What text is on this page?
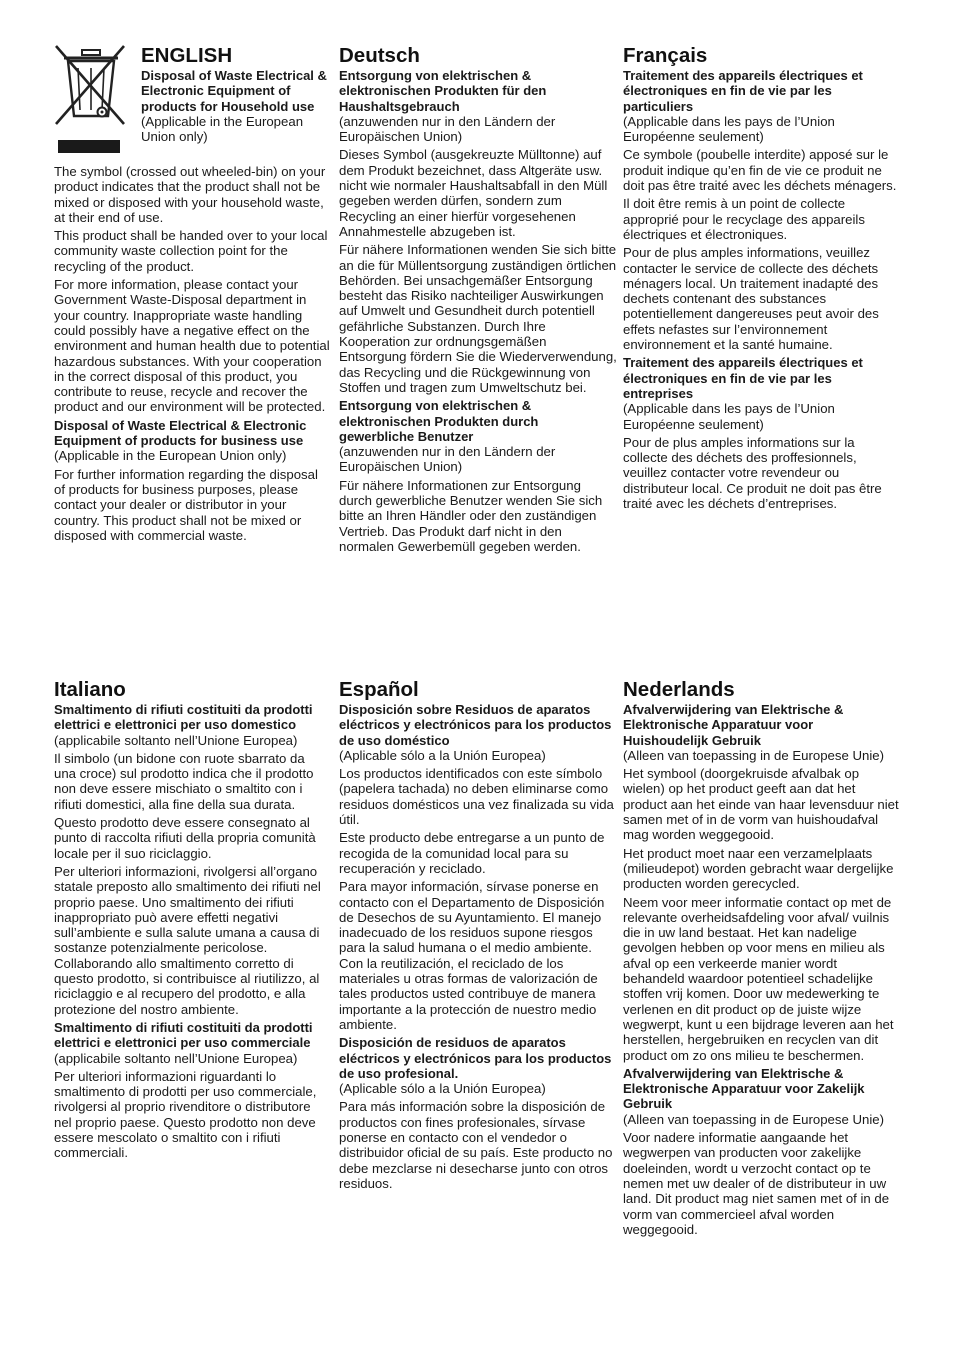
ENGLISH
Disposal of Waste Electrical & Electronic Equipment of products for Household use
(Applicable in the European Union only)
The symbol (crossed out wheeled-bin) on your product indicates that the product shall not be mixed or disposed with your household waste, at their end of use.
This product shall be handed over to your local community waste collection point for the recycling of the product.
For more information, please contact your Government Waste-Disposal department in your country. Inappropriate waste handling could possibly have a negative effect on the environment and human health due to potential hazardous substances. With your cooperation in the correct disposal of this product, you contribute to reuse, recycle and recover the product and our environment will be protected.
Disposal of Waste Electrical & Electronic Equipment of products for business use
(Applicable in the European Union only)
For further information regarding the disposal of products for business purposes, please contact your dealer or distributor in your country. This product shall not be mixed or disposed with commercial waste.
Deutsch
Entsorgung von elektrischen & elektronischen Produkten für den Haushaltsgebrauch
(anzuwenden nur in den Ländern der Europäischen Union)
Dieses Symbol (ausgekreuzte Mülltonne) auf dem Produkt bezeichnet, dass Altgeräte usw. nicht wie normaler Haushaltsabfall in den Müll gegeben werden dürfen, sondern zum Recycling an einer hierfür vorgesehenen Annahmestelle abzugeben ist.
Für nähere Informationen wenden Sie sich bitte an die für Müllentsorgung zuständigen örtlichen Behörden. Bei unsachgemäßer Entsorgung besteht das Risiko nachteiliger Auswirkungen auf Umwelt und Gesundheit durch potentiell gefährliche Substanzen. Durch Ihre Kooperation zur ordnungsgemäßen Entsorgung fördern Sie die Wiederverwendung, das Recycling und die Rückgewinnung von Stoffen und tragen zum Umweltschutz bei.
Entsorgung von elektrischen & elektronischen Produkten durch gewerbliche Benutzer
(anzuwenden nur in den Ländern der Europäischen Union)
Für nähere Informationen zur Entsorgung durch gewerbliche Benutzer wenden Sie sich bitte an Ihren Händler oder den zuständigen Vertrieb. Das Produkt darf nicht in den normalen Gewerbemüll gegeben werden.
Français
Traitement des appareils électriques et électroniques en fin de vie par les particuliers
(Applicable dans les pays de l’Union Européenne seulement)
Ce symbole (poubelle interdite) apposé sur le produit indique qu’en fin de vie ce produit ne doit pas être traité avec les déchets ménagers.
Il doit être remis à un point de collecte approprié pour le recyclage des appareils électriques et électroniques.
Pour de plus amples informations, veuillez contacter le service de collecte des déchets ménagers local. Un traitement inadapté des dechets contenant des substances potentiellement dangereuses peut avoir des effets nefastes sur l’environnement environnement et la santé humaine.
Traitement des appareils électriques et électroniques en fin de vie par les entreprises
(Applicable dans les pays de l’Union Européenne seulement)
Pour de plus amples informations sur la collecte des déchets des proffesionnels, veuillez contacter votre revendeur ou distributeur local. Ce produit ne doit pas être traité avec les déchets d’entreprises.
Italiano
Smaltimento di rifiuti costituiti da prodotti elettrici e elettronici per uso domestico
(applicabile soltanto nell’Unione Europea)
Il simbolo (un bidone con ruote sbarrato da una croce) sul prodotto indica che il prodotto non deve essere mischiato o smaltito con i rifiuti domestici, alla fine della sua durata.
Questo prodotto deve essere consegnato al punto di raccolta rifiuti della propria comunità locale per il suo riciclaggio.
Per ulteriori informazioni, rivolgersi all’organo statale preposto allo smaltimento dei rifiuti nel proprio paese. Uno smaltimento dei rifiuti inappropriato può avere effetti negativi sull’ambiente e sulla salute umana a causa di sostanze potenzialmente pericolose. Collaborando allo smaltimento corretto di questo prodotto, si contribuisce al riutilizzo, al riciclaggio e al recupero del prodotto, e alla protezione del nostro ambiente.
Smaltimento di rifiuti costituiti da prodotti elettrici e elettronici per uso commerciale
(applicabile soltanto nell’Unione Europea)
Per ulteriori informazioni riguardanti lo smaltimento di prodotti per uso commerciale, rivolgersi al proprio rivenditore o distributore nel proprio paese. Questo prodotto non deve essere mescolato o smaltito con i rifiuti commerciali.
Español
Disposición sobre Residuos de aparatos eléctricos y electrónicos para los productos de uso doméstico
(Aplicable sólo a la Unión Europea)
Los productos identificados con este símbolo (papelera tachada) no deben eliminarse como residuos domésticos una vez finalizada su vida útil.
Este producto debe entregarse a un punto de recogida de la comunidad local para su recuperación y reciclado.
Para mayor información, sírvase ponerse en contacto con el Departamento de Disposición de Desechos de su Ayuntamiento. El manejo inadecuado de los residuos supone riesgos para la salud humana o el medio ambiente. Con la reutilización, el reciclado de los materiales u otras formas de valorización de tales productos usted contribuye de manera importante a la protección de nuestro medio ambiente.
Disposición de residuos de aparatos eléctricos y electrónicos para los productos de uso profesional.
(Aplicable sólo a la Unión Europea)
Para más información sobre la disposición de productos con fines profesionales, sírvase ponerse en contacto con el vendedor o distribuidor oficial de su país. Este producto no debe mezclarse ni desecharse junto con otros residuos.
Nederlands
Afvalverwijdering van Elektrische & Elektronische Apparatuur voor Huishoudelijk Gebruik
(Alleen van toepassing in de Europese Unie)
Het symbool (doorgekruisde afvalbak op wielen) op het product geeft aan dat het product aan het einde van haar levensduur niet samen met of in de vorm van huishoudafval mag worden weggegooid.
Het product moet naar een verzamelplaats (milieudepot) worden gebracht waar dergelijke producten worden gerecycled.
Neem voor meer informatie contact op met de relevante overheidsafdeling voor afval/ vuilnis die in uw land bestaat. Het kan nadelige gevolgen hebben op voor mens en milieu als afval op een verkeerde manier wordt behandeld waardoor potentieel schadelijke stoffen vrij komen. Door uw medewerking te verlenen en dit product op de juiste wijze wegwerpt, kunt u een bijdrage leveren aan het herstellen, hergebruiken en recyclen van dit product om zo ons milieu te beschermen.
Afvalverwijdering van Elektrische & Elektronische Apparatuur voor Zakelijk Gebruik
(Alleen van toepassing in de Europese Unie)
Voor nadere informatie aangaande het wegwerpen van producten voor zakelijke doeleinden, wordt u verzocht contact op te nemen met uw dealer of de distributeur in uw land. Dit product mag niet samen met of in de vorm van commercieel afval worden weggegooid.
